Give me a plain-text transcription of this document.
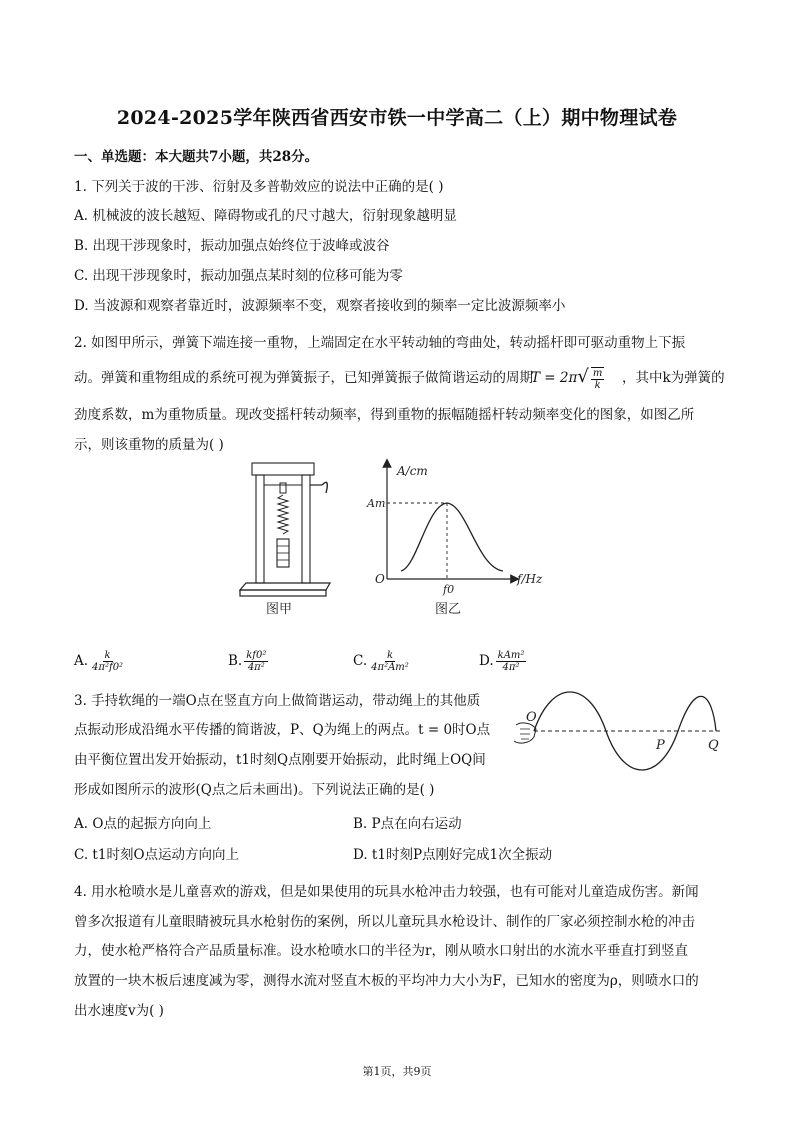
2024-2025学年陕西省西安市铁一中学高二（上）期中物理试卷
一、单选题：本大题共7小题，共28分。
1. 下列关于波的干涉、衍射及多普勒效应的说法中正确的是( )
A. 机械波的波长越短、障碍物或孔的尺寸越大，衍射现象越明显
B. 出现干涉现象时，振动加强点始终位于波峰或波谷
C. 出现干涉现象时，振动加强点某时刻的位移可能为零
D. 当波源和观察者靠近时，波源频率不变，观察者接收到的频率一定比波源频率小
2. 如图甲所示，弹簧下端连接一重物，上端固定在水平转动轴的弯曲处，转动摇杆即可驱动重物上下振
动。弹簧和重物组成的系统可视为弹簧振子，已知弹簧振子做简谐运动的周期
$T = 2\pi√ \frac{m}{k}$ ，其中k为弹簧的
劲度系数，m为重物质量。现改变摇杆转动频率，得到重物的振幅随摇杆转动频率变化的图象，如图乙所
示，则该重物的质量为( )
图甲
A/cm
Am
O
f0
f/Hz
图乙
A. $\frac{k}{\text{4π²f0²}}$	B. $\frac{\text{kf0²}}{\text{4π²}}$	C. $\frac{k}{\text{4π²Am²}}$	D. $\frac{\text{kAm²}}{\text{4π²}}$
3. 手持软绳的一端O点在竖直方向上做简谐运动，带动绳上的其他质
点振动形成沿绳水平传播的简谐波，P、Q为绳上的两点。t = 0时O点
由平衡位置出发开始振动，t1时刻Q点刚要开始振动，此时绳上OQ间
形成如图所示的波形(Q点之后未画出)。下列说法正确的是( )
O
P	Q
A. O点的起振方向向上	B. P点在向右运动
C. t1时刻O点运动方向向上	D. t1时刻P点刚好完成1次全振动
4. 用水枪喷水是儿童喜欢的游戏，但是如果使用的玩具水枪冲击力较强，也有可能对儿童造成伤害。新闻
曾多次报道有儿童眼睛被玩具水枪射伤的案例，所以儿童玩具水枪设计、制作的厂家必须控制水枪的冲击
力，使水枪严格符合产品质量标准。设水枪喷水口的半径为r，刚从喷水口射出的水流水平垂直打到竖直
放置的一块木板后速度减为零，测得水流对竖直木板的平均冲力大小为F，已知水的密度为ρ，则喷水口的
出水速度v为( )
第1页，共9页
